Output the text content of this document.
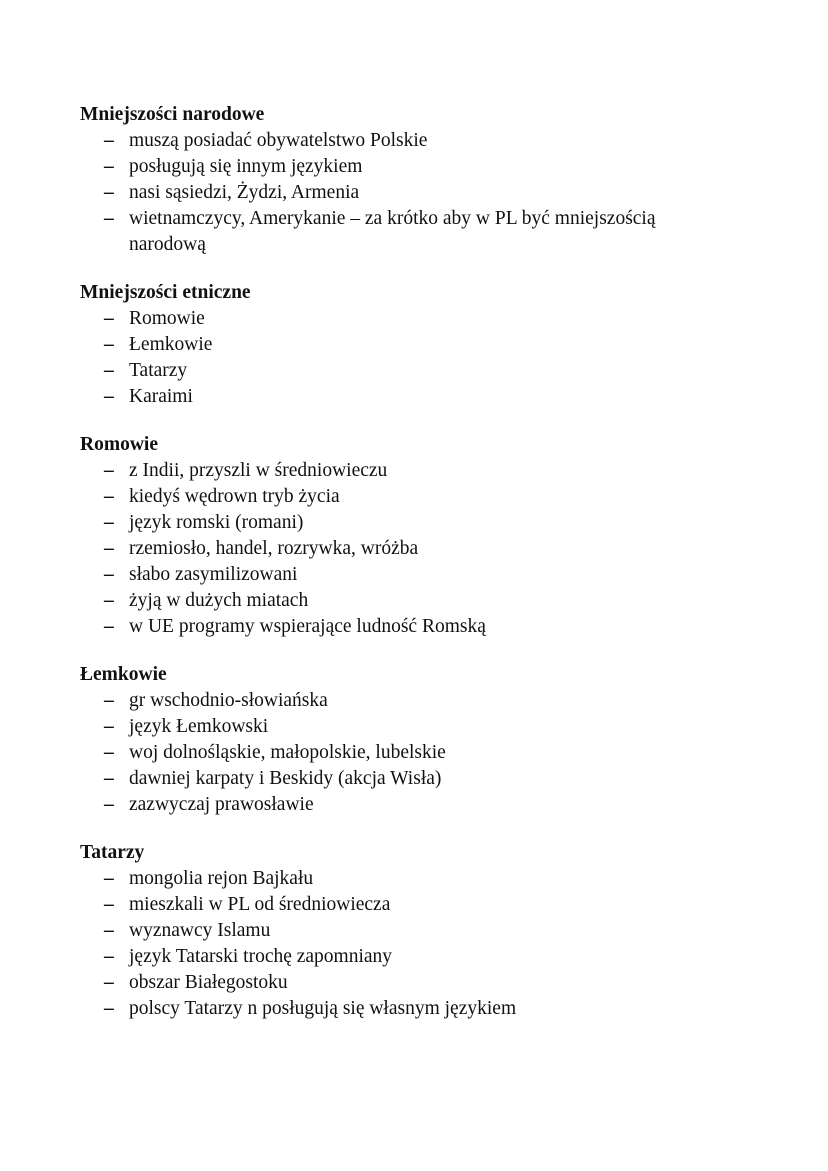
Mniejszości narodowe

– muszą posiadać obywatelstwo Polskie
– posługują się innym językiem
– nasi sąsiedzi, Żydzi, Armenia
– wietnamczycy, Amerykanie – za krótko aby w PL być mniejszością narodową

Mniejszości etniczne

– Romowie
– Łemkowie
– Tatarzy
– Karaimi

Romowie

– z Indii, przyszli w średniowieczu
– kiedyś wędrown tryb życia
– język romski (romani)
– rzemiosło, handel, rozrywka, wróżba
– słabo zasymilizowani
– żyją w dużych miatach
– w UE programy wspierające ludność Romską

Łemkowie

– gr wschodnio-słowiańska
– język Łemkowski
– woj dolnośląskie, małopolskie, lubelskie
– dawniej karpaty i Beskidy (akcja Wisła)
– zazwyczaj prawosławie

Tatarzy

– mongolia rejon Bajkału
– mieszkali w PL od średniowiecza
– wyznawcy Islamu
– język Tatarski trochę zapomniany
– obszar Białegostoku
– polscy Tatarzy n posługują się własnym językiem
